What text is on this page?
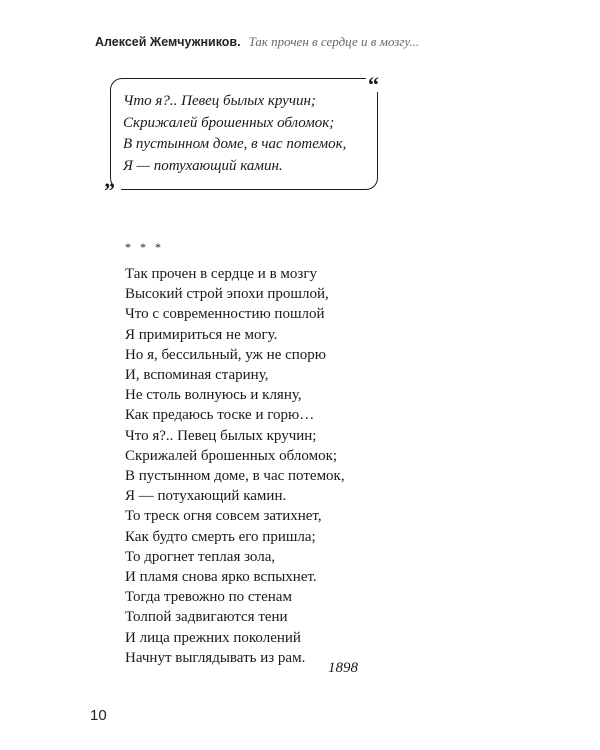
Алексей Жемчужников. Так прочен в сердце и в мозгу...
Что я?.. Певец былых кручин;
Скрижалей брошенных обломок;
В пустынном доме, в час потемок,
Я — потухающий камин.
“
”
* * *
Так прочен в сердце и в мозгу
Высокий строй эпохи прошлой,
Что с современностию пошлой
Я примириться не могу.
Но я, бессильный, уж не спорю
И, вспоминая старину,
Не столь волнуюсь и кляну,
Как предаюсь тоске и горю…
Что я?.. Певец былых кручин;
Скрижалей брошенных обломок;
В пустынном доме, в час потемок,
Я — потухающий камин.
То треск огня совсем затихнет,
Как будто смерть его пришла;
То дрогнет теплая зола,
И пламя снова ярко вспыхнет.
Тогда тревожно по стенам
Толпой задвигаются тени
И лица прежних поколений
Начнут выглядывать из рам.
1898
10
